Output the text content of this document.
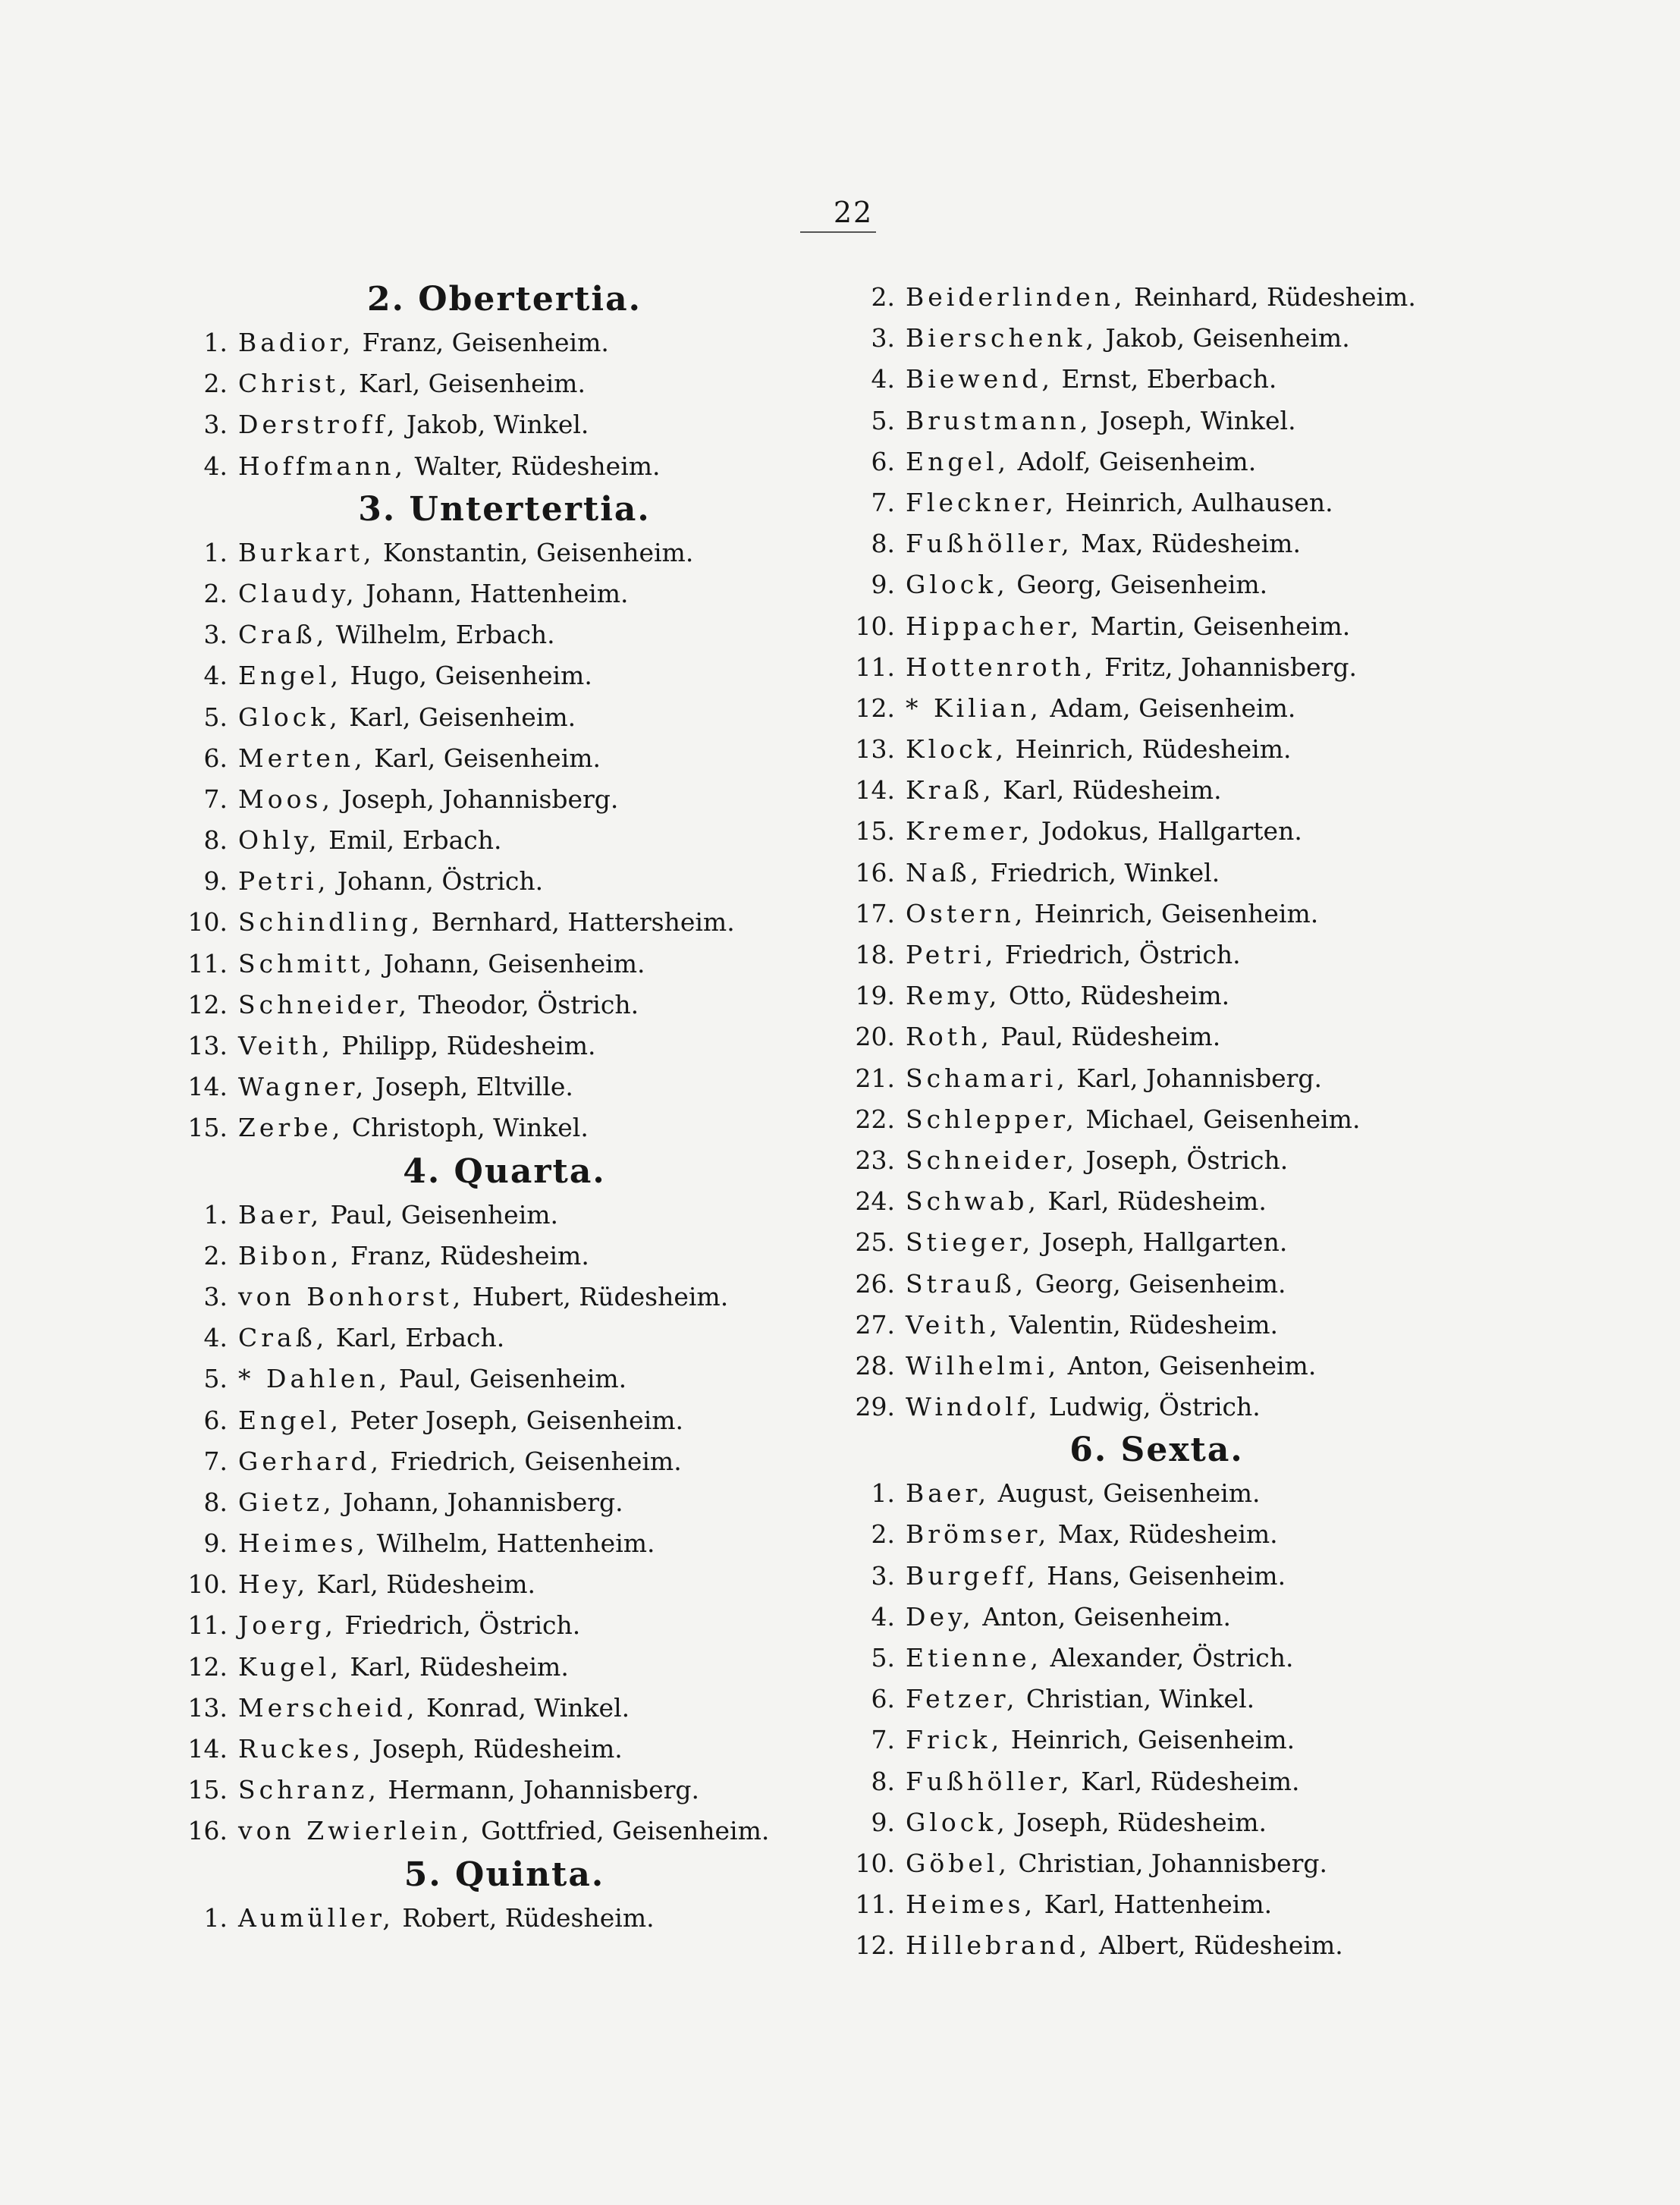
22
2. Obertertia.
1. Badior, Franz, Geisenheim.
2. Christ, Karl, Geisenheim.
3. Derstroff, Jakob, Winkel.
4. Hoffmann, Walter, Rüdesheim.
3. Untertertia.
1. Burkart, Konstantin, Geisenheim.
2. Claudy, Johann, Hattenheim.
3. Craß, Wilhelm, Erbach.
4. Engel, Hugo, Geisenheim.
5. Glock, Karl, Geisenheim.
6. Merten, Karl, Geisenheim.
7. Moos, Joseph, Johannisberg.
8. Ohly, Emil, Erbach.
9. Petri, Johann, Östrich.
10. Schindling, Bernhard, Hattersheim.
11. Schmitt, Johann, Geisenheim.
12. Schneider, Theodor, Östrich.
13. Veith, Philipp, Rüdesheim.
14. Wagner, Joseph, Eltville.
15. Zerbe, Christoph, Winkel.
4. Quarta.
1. Baer, Paul, Geisenheim.
2. Bibon, Franz, Rüdesheim.
3. von Bonhorst, Hubert, Rüdesheim.
4. Craß, Karl, Erbach.
5. * Dahlen, Paul, Geisenheim.
6. Engel, Peter Joseph, Geisenheim.
7. Gerhard, Friedrich, Geisenheim.
8. Gietz, Johann, Johannisberg.
9. Heimes, Wilhelm, Hattenheim.
10. Hey, Karl, Rüdesheim.
11. Joerg, Friedrich, Östrich.
12. Kugel, Karl, Rüdesheim.
13. Merscheid, Konrad, Winkel.
14. Ruckes, Joseph, Rüdesheim.
15. Schranz, Hermann, Johannisberg.
16. von Zwierlein, Gottfried, Geisenheim.
5. Quinta.
1. Aumüller, Robert, Rüdesheim.
2. Beiderlinden, Reinhard, Rüdesheim.
3. Bierschenk, Jakob, Geisenheim.
4. Biewend, Ernst, Eberbach.
5. Brustmann, Joseph, Winkel.
6. Engel, Adolf, Geisenheim.
7. Fleckner, Heinrich, Aulhausen.
8. Fußhöller, Max, Rüdesheim.
9. Glock, Georg, Geisenheim.
10. Hippacher, Martin, Geisenheim.
11. Hottenroth, Fritz, Johannisberg.
12. * Kilian, Adam, Geisenheim.
13. Klock, Heinrich, Rüdesheim.
14. Kraß, Karl, Rüdesheim.
15. Kremer, Jodokus, Hallgarten.
16. Naß, Friedrich, Winkel.
17. Ostern, Heinrich, Geisenheim.
18. Petri, Friedrich, Östrich.
19. Remy, Otto, Rüdesheim.
20. Roth, Paul, Rüdesheim.
21. Schamari, Karl, Johannisberg.
22. Schlepper, Michael, Geisenheim.
23. Schneider, Joseph, Östrich.
24. Schwab, Karl, Rüdesheim.
25. Stieger, Joseph, Hallgarten.
26. Strauß, Georg, Geisenheim.
27. Veith, Valentin, Rüdesheim.
28. Wilhelmi, Anton, Geisenheim.
29. Windolf, Ludwig, Östrich.
6. Sexta.
1. Baer, August, Geisenheim.
2. Brömser, Max, Rüdesheim.
3. Burgeff, Hans, Geisenheim.
4. Dey, Anton, Geisenheim.
5. Etienne, Alexander, Östrich.
6. Fetzer, Christian, Winkel.
7. Frick, Heinrich, Geisenheim.
8. Fußhöller, Karl, Rüdesheim.
9. Glock, Joseph, Rüdesheim.
10. Göbel, Christian, Johannisberg.
11. Heimes, Karl, Hattenheim.
12. Hillebrand, Albert, Rüdesheim.
